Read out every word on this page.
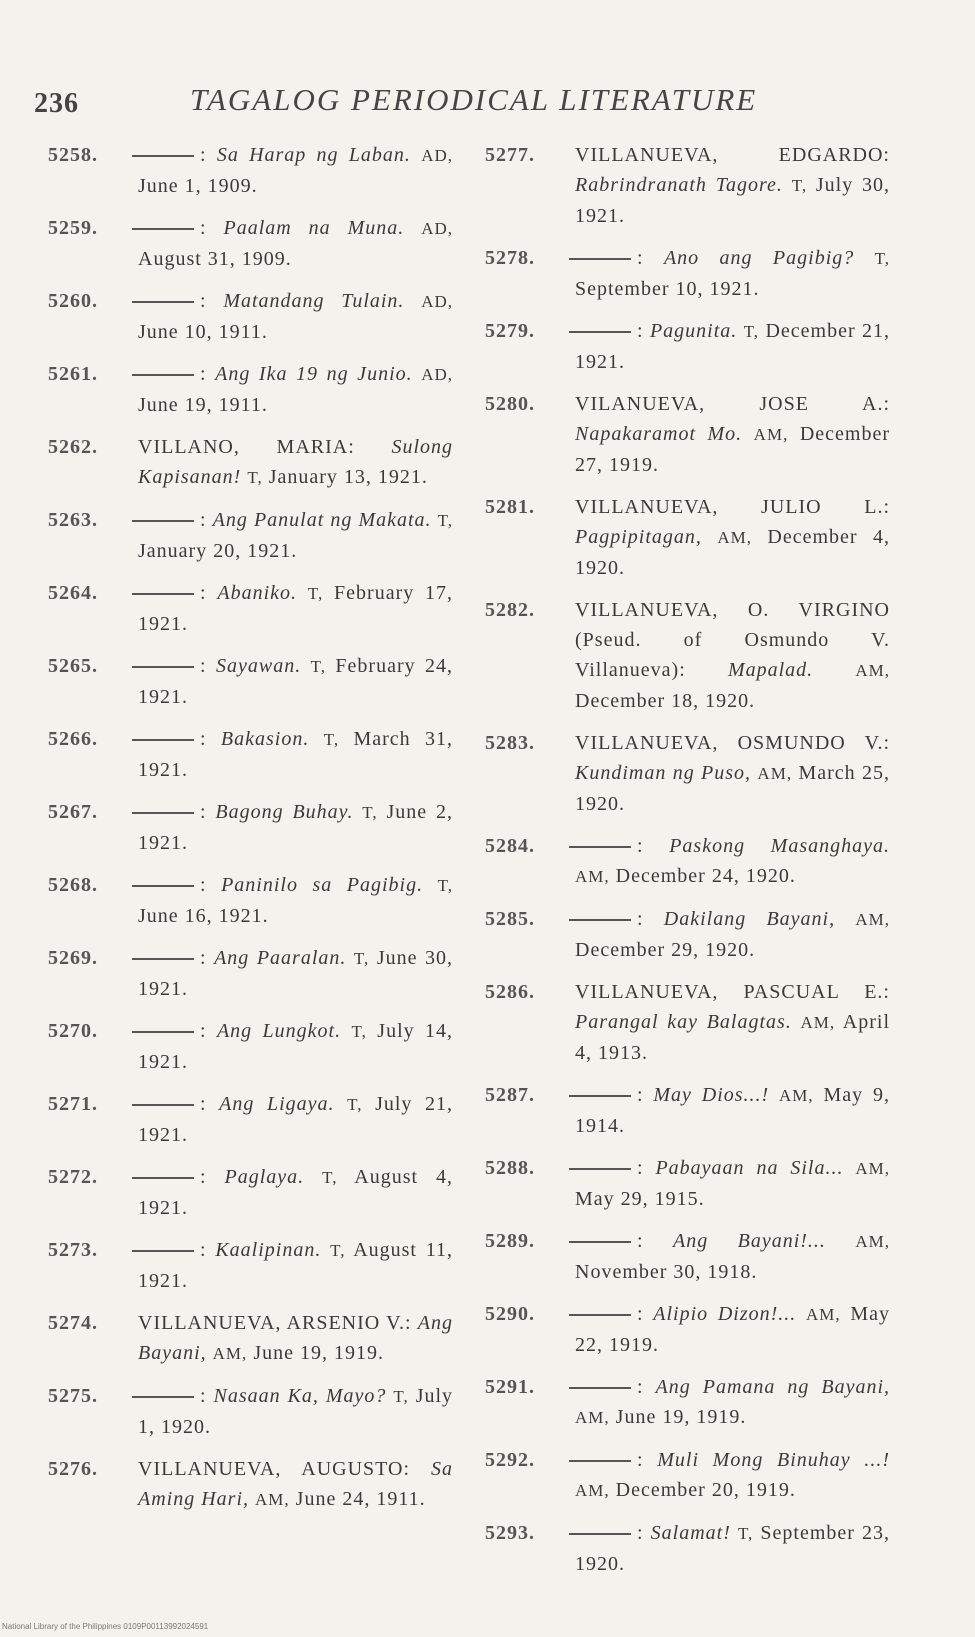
236	TAGALOG PERIODICAL LITERATURE
5258.	: Sa Harap ng Laban. AD, June 1, 1909.
5259.	: Paalam na Muna. AD, August 31, 1909.
5260.	: Matandang Tulain. AD, June 10, 1911.
5261.	: Ang Ika 19 ng Junio. AD, June 19, 1911.
5262. VILLANO, MARIA: Sulong Kapisanan! T, January 13, 1921.
5263.	: Ang Panulat ng Makata. T, January 20, 1921.
5264.	: Abaniko. T, February 17, 1921.
5265.	: Sayawan. T, February 24, 1921.
5266.	: Bakasion. T, March 31, 1921.
5267.	: Bagong Buhay. T, June 2, 1921.
5268.	: Paninilo sa Pagibig. T, June 16, 1921.
5269.	: Ang Paaralan. T, June 30, 1921.
5270.	: Ang Lungkot. T, July 14, 1921.
5271.	: Ang Ligaya. T, July 21, 1921.
5272.	: Paglaya. T, August 4, 1921.
5273.	: Kaalipinan. T, August 11, 1921.
5274. VILLANUEVA, ARSENIO V.: Ang Bayani, AM, June 19, 1919.
5275.	: Nasaan Ka, Mayo? T, July 1, 1920.
5276. VILLANUEVA, AUGUSTO: Sa Aming Hari, AM, June 24, 1911.
5277. VILLANUEVA, EDGARDO: Rabrindranath Tagore. T, July 30, 1921.
5278.	: Ano ang Pagibig? T, September 10, 1921.
5279.	: Pagunita. T, December 21, 1921.
5280. VILANUEVA, JOSE A.: Napakaramot Mo. AM, December 27, 1919.
5281. VILLANUEVA, JULIO L.: Pagpipitagan, AM, December 4, 1920.
5282. VILLANUEVA, O. VIRGINO (Pseud. of Osmundo V. Villanueva): Mapalad. AM, December 18, 1920.
5283. VILLANUEVA, OSMUNDO V.: Kundiman ng Puso, AM, March 25, 1920.
5284.	: Paskong Masanghaya. AM, December 24, 1920.
5285.	: Dakilang Bayani, AM, December 29, 1920.
5286. VILLANUEVA, PASCUAL E.: Parangal kay Balagtas. AM, April 4, 1913.
5287.	: May Dios...! AM, May 9, 1914.
5288.	: Pabayaan na Sila... AM, May 29, 1915.
5289.	: Ang Bayani!... AM, November 30, 1918.
5290.	: Alipio Dizon!... AM, May 22, 1919.
5291.	: Ang Pamana ng Bayani, AM, June 19, 1919.
5292.	: Muli Mong Binuhay ...! AM, December 20, 1919.
5293.	: Salamat! T, September 23, 1920.
National Library of the Philippines 0109P00113992024591
